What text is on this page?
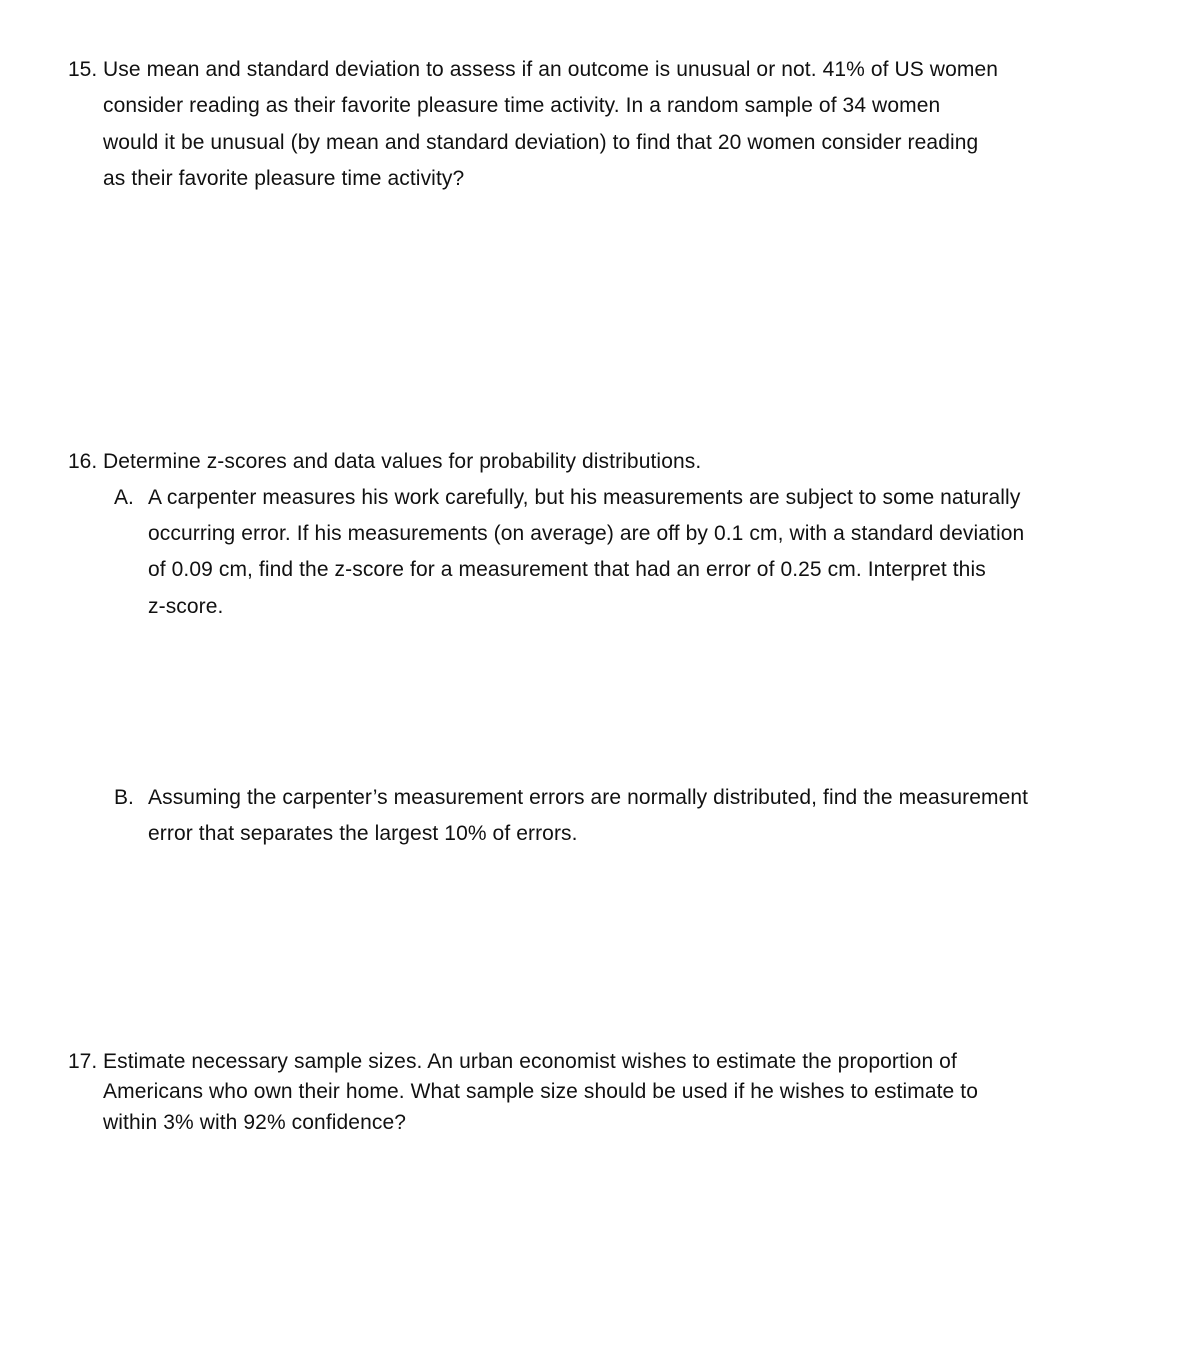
15. Use mean and standard deviation to assess if an outcome is unusual or not. 41% of US women
consider reading as their favorite pleasure time activity. In a random sample of 34 women
would it be unusual (by mean and standard deviation) to find that 20 women consider reading
as their favorite pleasure time activity?
16. Determine z-scores and data values for probability distributions.
A. A carpenter measures his work carefully, but his measurements are subject to some naturally
occurring error. If his measurements (on average) are off by 0.1 cm, with a standard deviation
of 0.09 cm, find the z-score for a measurement that had an error of 0.25 cm. Interpret this
z-score.
B. Assuming the carpenter’s measurement errors are normally distributed, find the measurement
error that separates the largest 10% of errors.
17. Estimate necessary sample sizes. An urban economist wishes to estimate the proportion of
Americans who own their home. What sample size should be used if he wishes to estimate to
within 3% with 92% confidence?
